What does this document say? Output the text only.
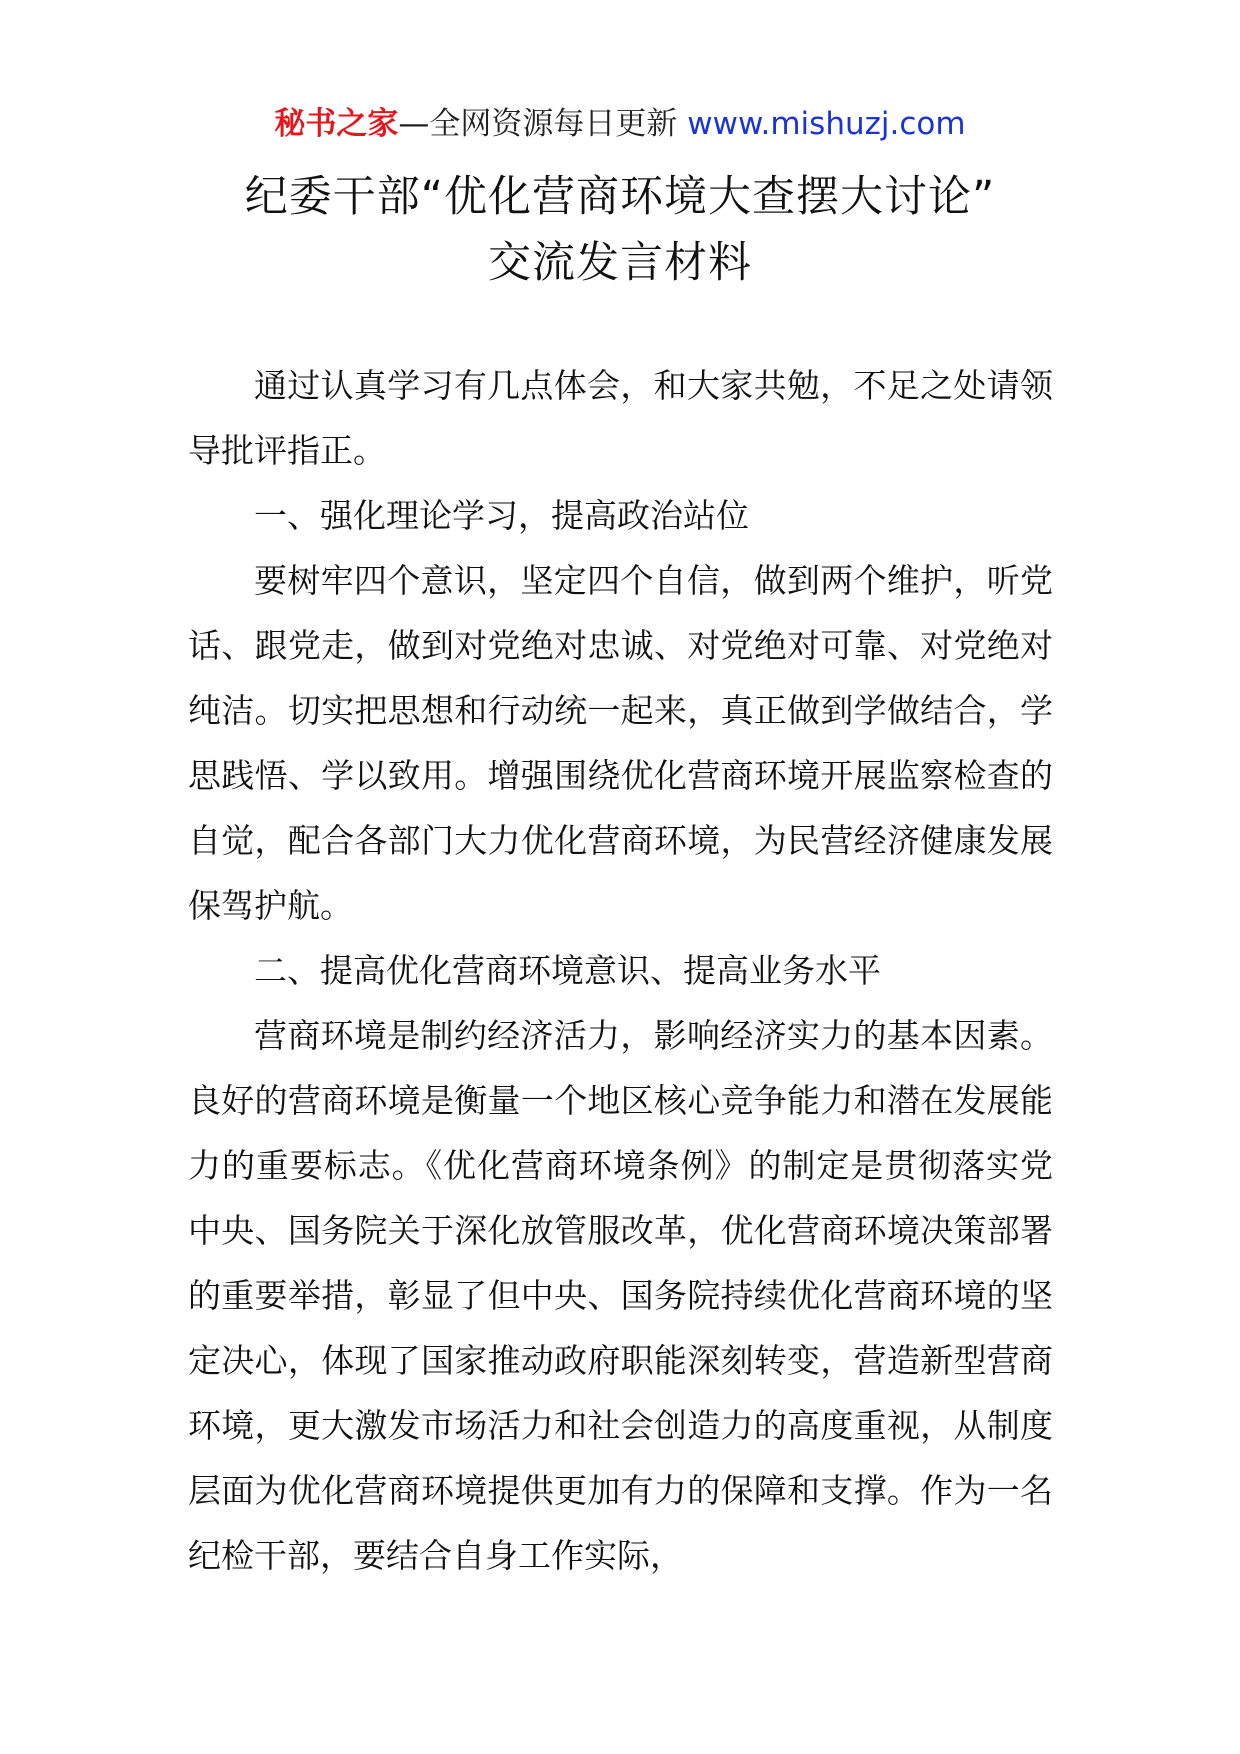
秘书之家—全网资源每日更新 www.mishuzj.com
纪委干部“优化营商环境大查摆大讨论”
交流发言材料

通过认真学习有几点体会，和大家共勉，不足之处请领导批评指正。

一、强化理论学习，提高政治站位

要树牢四个意识，坚定四个自信，做到两个维护，听党话、跟党走，做到对党绝对忠诚、对党绝对可靠、对党绝对纯洁。切实把思想和行动统一起来，真正做到学做结合，学思践悟、学以致用。增强围绕优化营商环境开展监察检查的自觉，配合各部门大力优化营商环境，为民营经济健康发展保驾护航。

二、提高优化营商环境意识、提高业务水平

营商环境是制约经济活力，影响经济实力的基本因素。良好的营商环境是衡量一个地区核心竞争能力和潜在发展能力的重要标志。《优化营商环境条例》的制定是贯彻落实党中央、国务院关于深化放管服改革，优化营商环境决策部署的重要举措，彰显了但中央、国务院持续优化营商环境的坚定决心，体现了国家推动政府职能深刻转变，营造新型营商环境，更大激发市场活力和社会创造力的高度重视，从制度层面为优化营商环境提供更加有力的保障和支撑。作为一名纪检干部，要结合自身工作实际，
